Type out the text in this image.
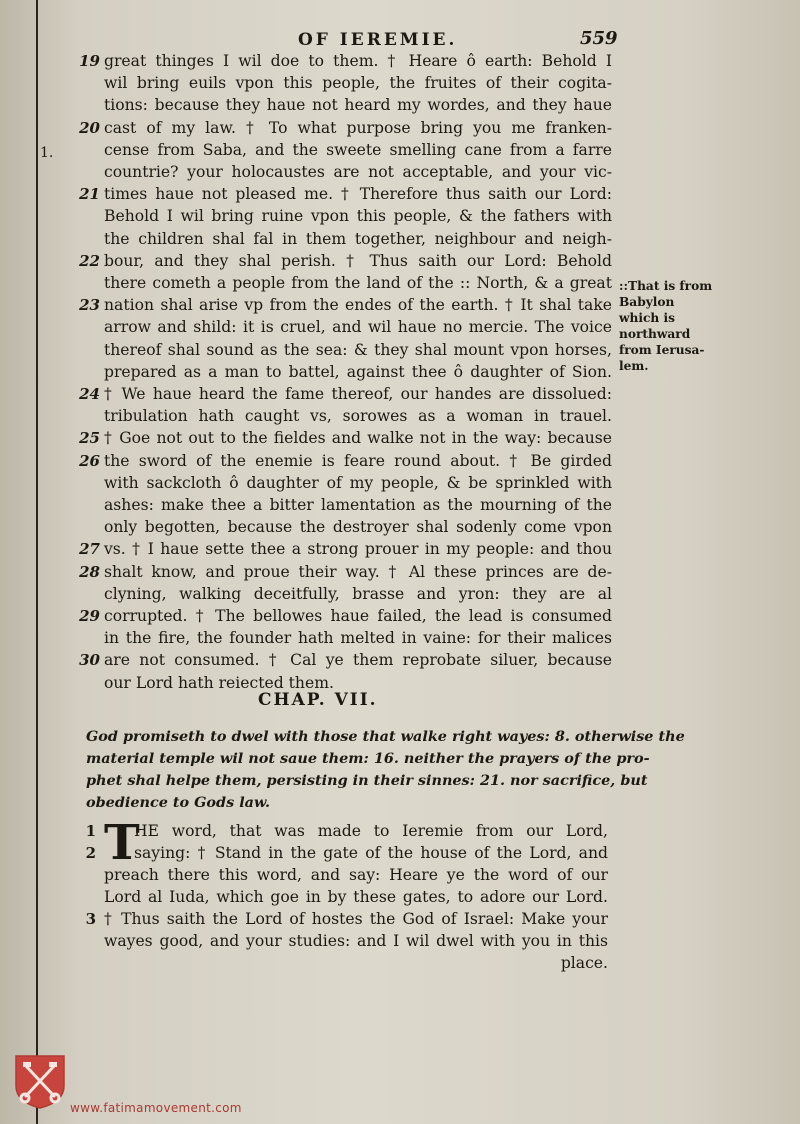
OF IEREMIE.	559
1.
19 great thinges I wil doe to them. † Heare ô earth: Behold I
wil bring euils vpon this people, the fruites of their cogita-
tions: because they haue not heard my wordes, and they haue
20 cast of my law. † To what purpose bring you me franken-
cense from Saba, and the sweete smelling cane from a farre
countrie? your holocaustes are not acceptable, and your vic-
21 times haue not pleased me. † Therefore thus saith our Lord:
Behold I wil bring ruine vpon this people, & the fathers with
the children shal fal in them together, neighbour and neigh-
22 bour, and they shal perish. † Thus saith our Lord: Behold
there cometh a people from the land of the :: North, & a great
23 nation shal arise vp from the endes of the earth. † It shal take
arrow and shild: it is cruel, and wil haue no mercie. The voice
thereof shal sound as the sea: & they shal mount vpon horses,
prepared as a man to battel, against thee ô daughter of Sion.
24 † We haue heard the fame thereof, our handes are dissolued:
tribulation hath caught vs, sorowes as a woman in trauel.
25 † Goe not out to the fieldes and walke not in the way: because
26 the sword of the enemie is feare round about. † Be girded
with sackcloth ô daughter of my people, & be sprinkled with
ashes: make thee a bitter lamentation as the mourning of the
only begotten, because the destroyer shal sodenly come vpon
27 vs. † I haue sette thee a strong prouer in my people: and thou
28 shalt know, and proue their way. † Al these princes are de-
clyning, walking deceitfully, brasse and yron: they are al
29 corrupted. † The bellowes haue failed, the lead is consumed
in the fire, the founder hath melted in vaine: for their malices
30 are not consumed. † Cal ye them reprobate siluer, because
our Lord hath reiected them.
::That is from
Babylon
which is
northward
from Ierusa-
lem.
CHAP. VII.
God promiseth to dwel with those that walke right wayes: 8. otherwise the
material temple wil not saue them: 16. neither the prayers of the pro-
phet shal helpe them, persisting in their sinnes: 21. nor sacrifice, but
obedience to Gods law.
1
2
3
T
HE word, that was made to Ieremie from our Lord,
saying: † Stand in the gate of the house of the Lord, and
preach there this word, and say: Heare ye the word of our
Lord al Iuda, which goe in by these gates, to adore our Lord.
† Thus saith the Lord of hostes the God of Israel: Make your
wayes good, and your studies: and I wil dwel with you in this
place.
www.fatimamovement.com
